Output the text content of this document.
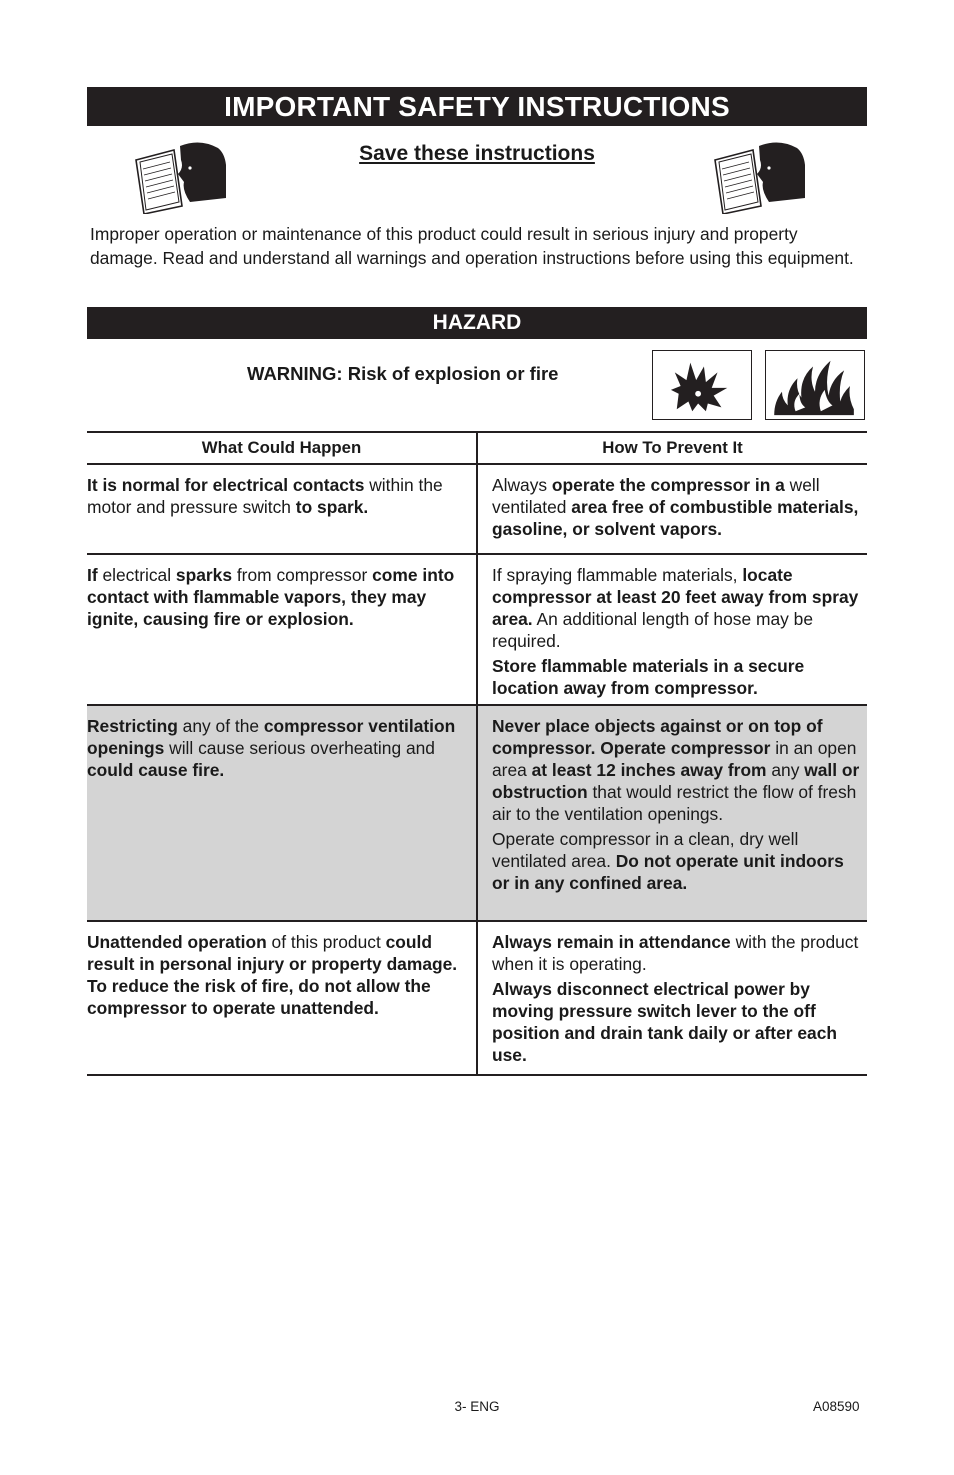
IMPORTANT SAFETY INSTRUCTIONS
Save these instructions
Improper operation or maintenance of this product could result in serious injury and property damage. Read and understand all warnings and operation instructions before using this equipment.
HAZARD
WARNING: Risk of explosion or fire
What Could Happen	How To Prevent It

It is normal for electrical contacts within the motor and pressure switch to spark.

Always operate the compressor in a well ventilated area free of combustible materials, gasoline, or solvent vapors.

If electrical sparks from compressor come into contact with flammable vapors, they may ignite, causing fire or explosion.

If spraying flammable materials, locate compressor at least 20 feet away from spray area. An additional length of hose may be required.

Store flammable materials in a secure location away from compressor.

Restricting any of the compressor ventilation openings will cause serious overheating and could cause fire.

Never place objects against or on top of compressor. Operate compressor in an open area at least 12 inches away from any wall or obstruction that would restrict the flow of fresh air to the ventilation openings.

Operate compressor in a clean, dry well ventilated area. Do not operate unit indoors or in any confined area.

Unattended operation of this product could result in personal injury or property damage. To reduce the risk of fire, do not allow the compressor to operate unattended.

Always remain in attendance with the product when it is operating.

Always disconnect electrical power by moving pressure switch lever to the off position and drain tank daily or after each use.

3- ENG	A08590
